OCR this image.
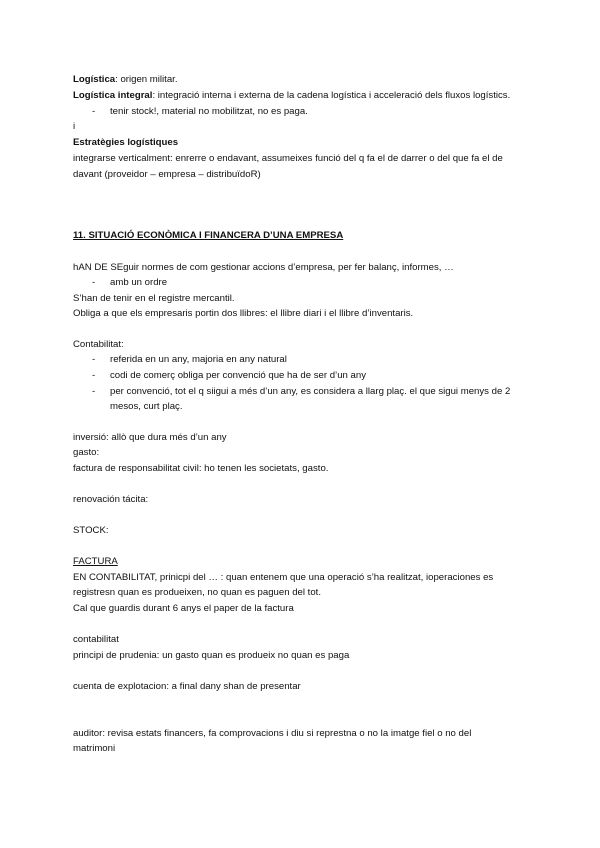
Logística: origen militar.
Logística integral: integració interna i externa de la cadena logística i acceleració dels fluxos logístics.
- tenir stock!, material no mobilitzat, no es paga.
i
Estratègies logístiques
integrarse verticalment: enrerre o endavant, assumeixes funció del q fa el de darrer o del que fa el de
davant (proveidor – empresa – distribuïdoR)
11. SITUACIÓ ECONÒMICA I FINANCERA D’UNA EMPRESA
hAN DE SEguir normes de com gestionar accions d’empresa, per fer balanç, informes, …
- amb un ordre
S’han de tenir en el registre mercantil.
Obliga a que els empresaris portin dos llibres: el llibre diari i el llibre d’inventaris.
Contabilitat:
- referida en un any, majoria en any natural
- codi de comerç obliga per convenció que ha de ser d’un any
- per convenció, tot el q siigui a més d’un any, es considera a llarg plaç. el que sigui menys de 2
mesos, curt plaç.
inversió: allò que dura més d’un any
gasto:
factura de responsabilitat civil: ho tenen les societats, gasto.
renovación tácita:
STOCK:
FACTURA
EN CONTABILITAT, prinicpi del … : quan entenem que una operació s’ha realitzat, ioperaciones es
registresn quan es produeixen, no quan es paguen del tot.
Cal que guardis durant 6 anys el paper de la factura
contabilitat
principi de prudenia: un gasto quan es produeix no quan es paga
cuenta de explotacion: a final dany shan de presentar
auditor: revisa estats financers, fa comprovacions i diu si represtna o no la imatge fiel o no del
matrimoni
